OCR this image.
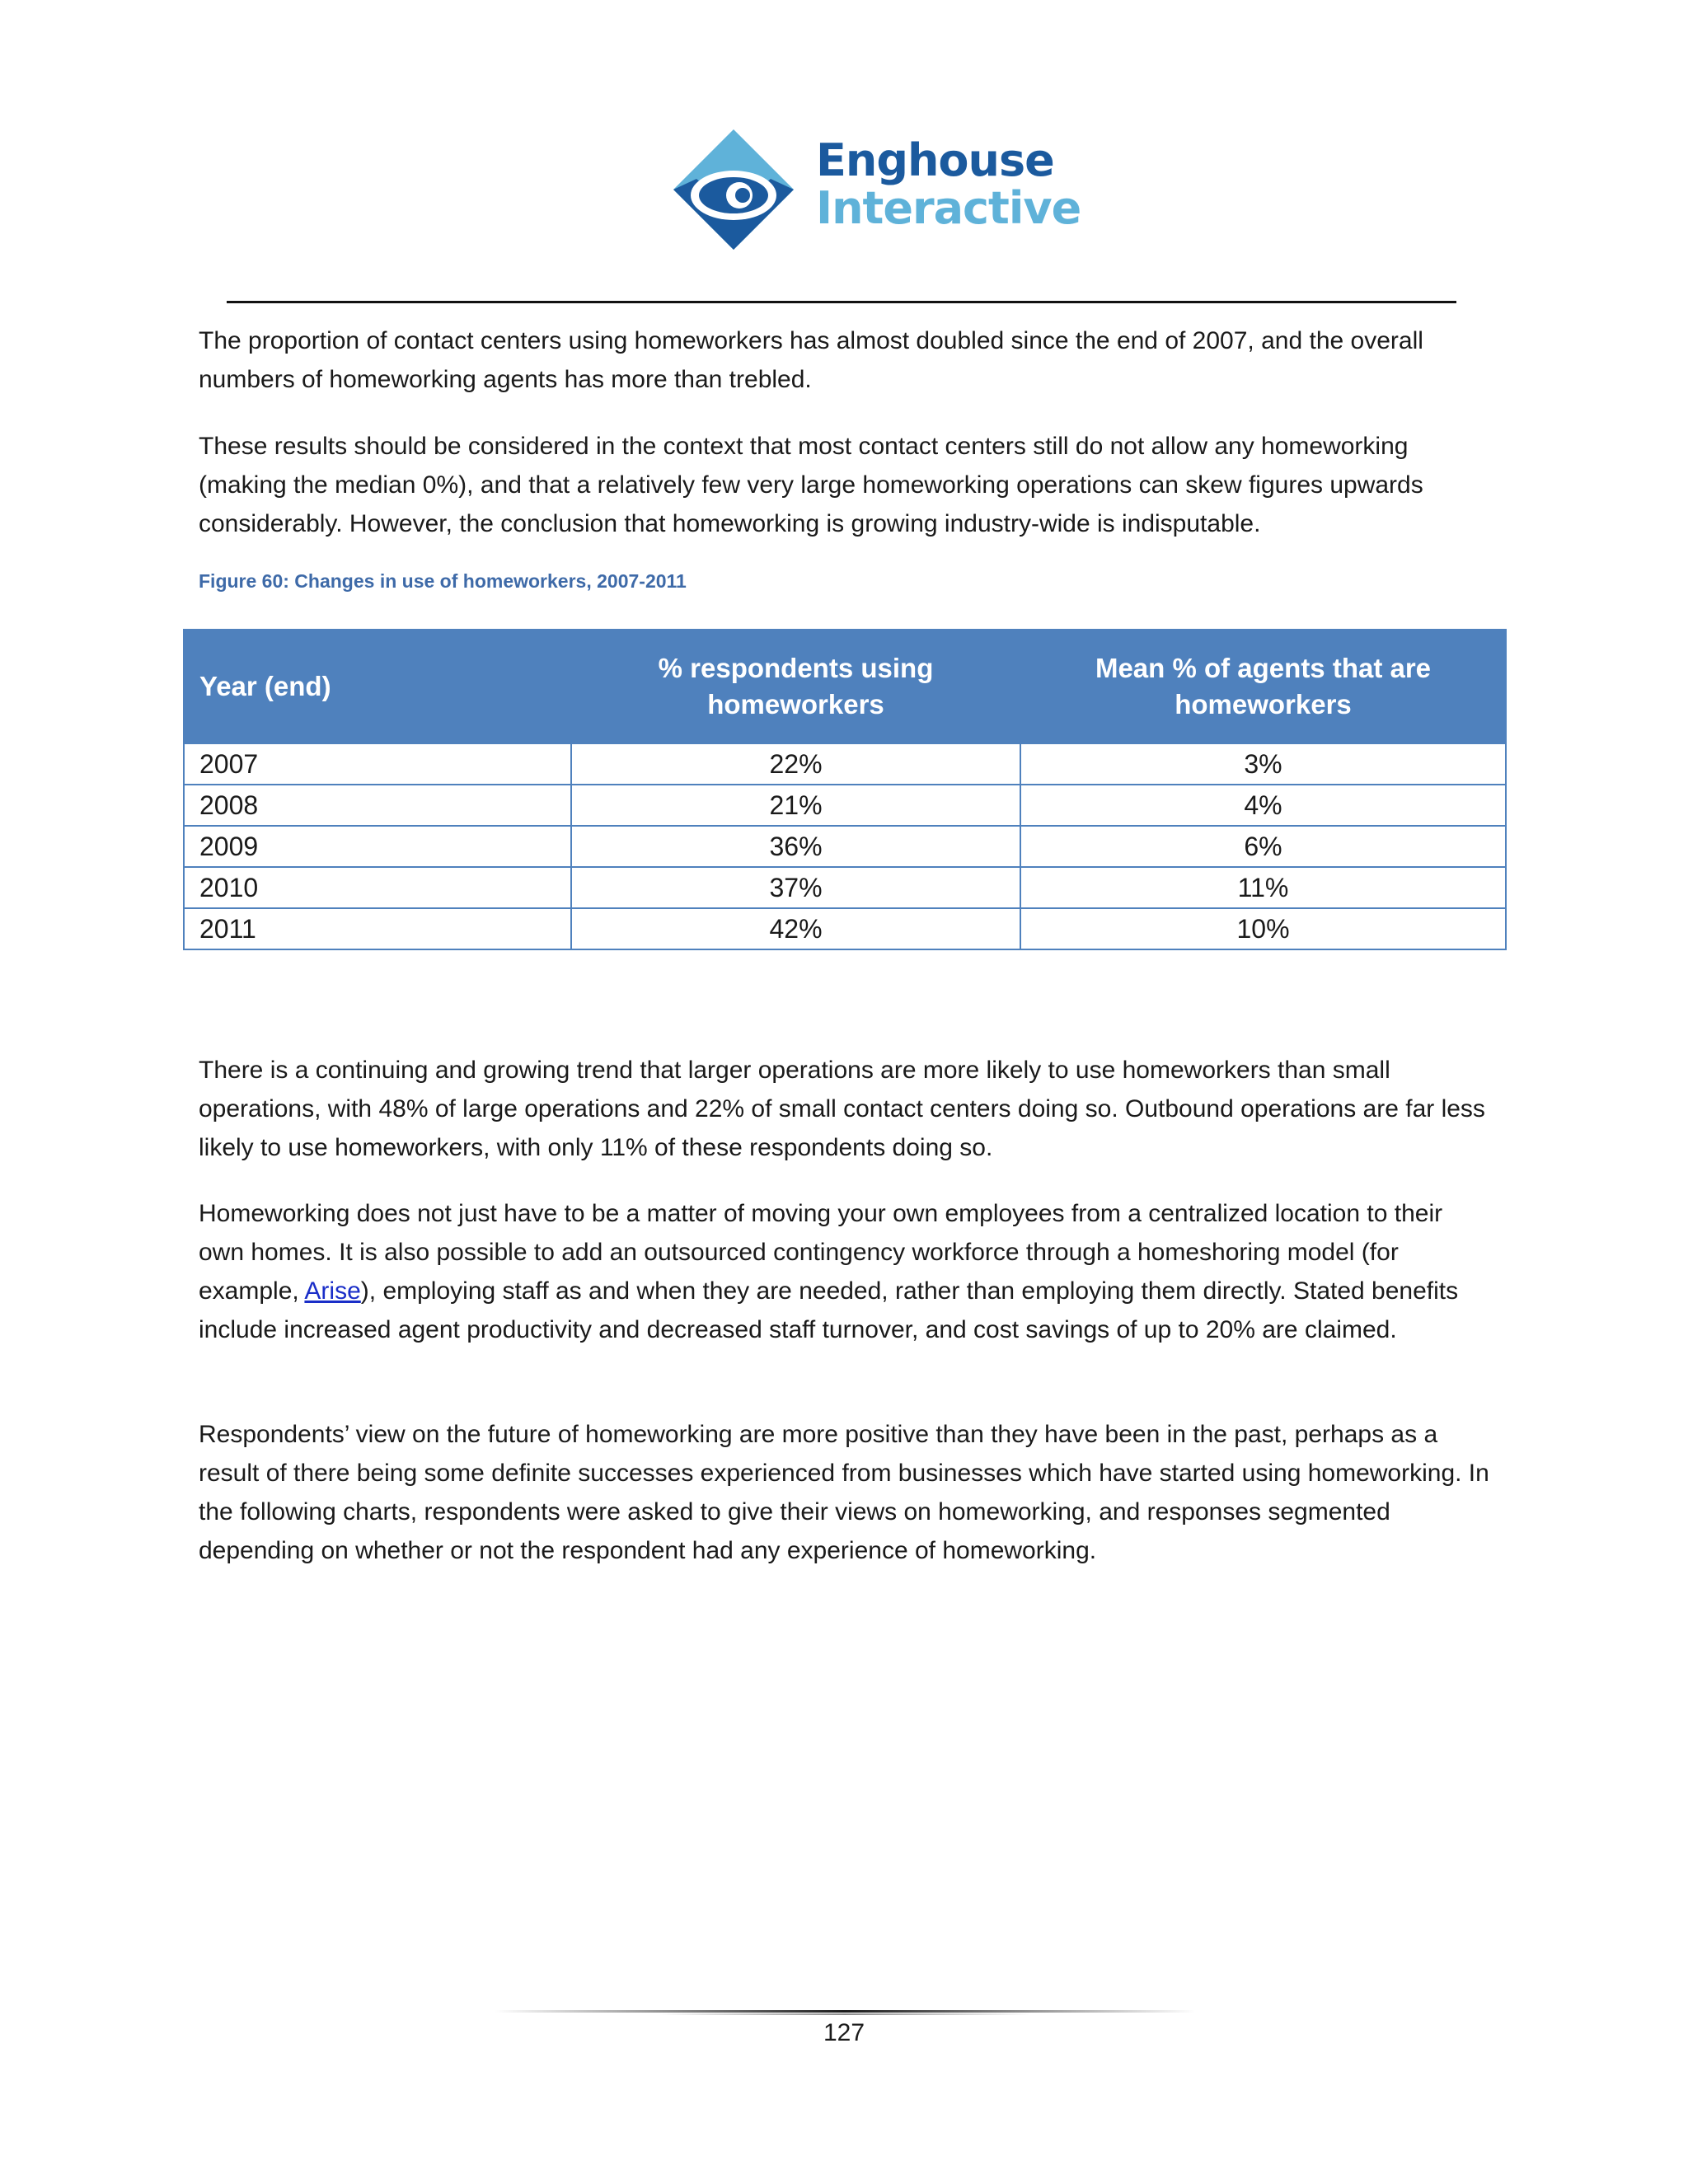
Enghouse
Interactive

The proportion of contact centers using homeworkers has almost doubled since the end of 2007, and the overall numbers of homeworking agents has more than trebled.

These results should be considered in the context that most contact centers still do not allow any homeworking (making the median 0%), and that a relatively few very large homeworking operations can skew figures upwards considerably. However, the conclusion that homeworking is growing industry-wide is indisputable.

Figure 60: Changes in use of homeworkers, 2007-2011

Year (end)	% respondents using homeworkers	Mean % of agents that are homeworkers

2007	22%	3%
2008	21%	4%
2009	36%	6%
2010	37%	11%
2011	42%	10%

There is a continuing and growing trend that larger operations are more likely to use homeworkers than small operations, with 48% of large operations and 22% of small contact centers doing so. Outbound operations are far less likely to use homeworkers, with only 11% of these respondents doing so.

Homeworking does not just have to be a matter of moving your own employees from a centralized location to their own homes. It is also possible to add an outsourced contingency workforce through a homeshoring model (for example, Arise), employing staff as and when they are needed, rather than employing them directly. Stated benefits include increased agent productivity and decreased staff turnover, and cost savings of up to 20% are claimed.

Respondents’ view on the future of homeworking are more positive than they have been in the past, perhaps as a result of there being some definite successes experienced from businesses which have started using homeworking. In the following charts, respondents were asked to give their views on homeworking, and responses segmented depending on whether or not the respondent had any experience of homeworking.

127
